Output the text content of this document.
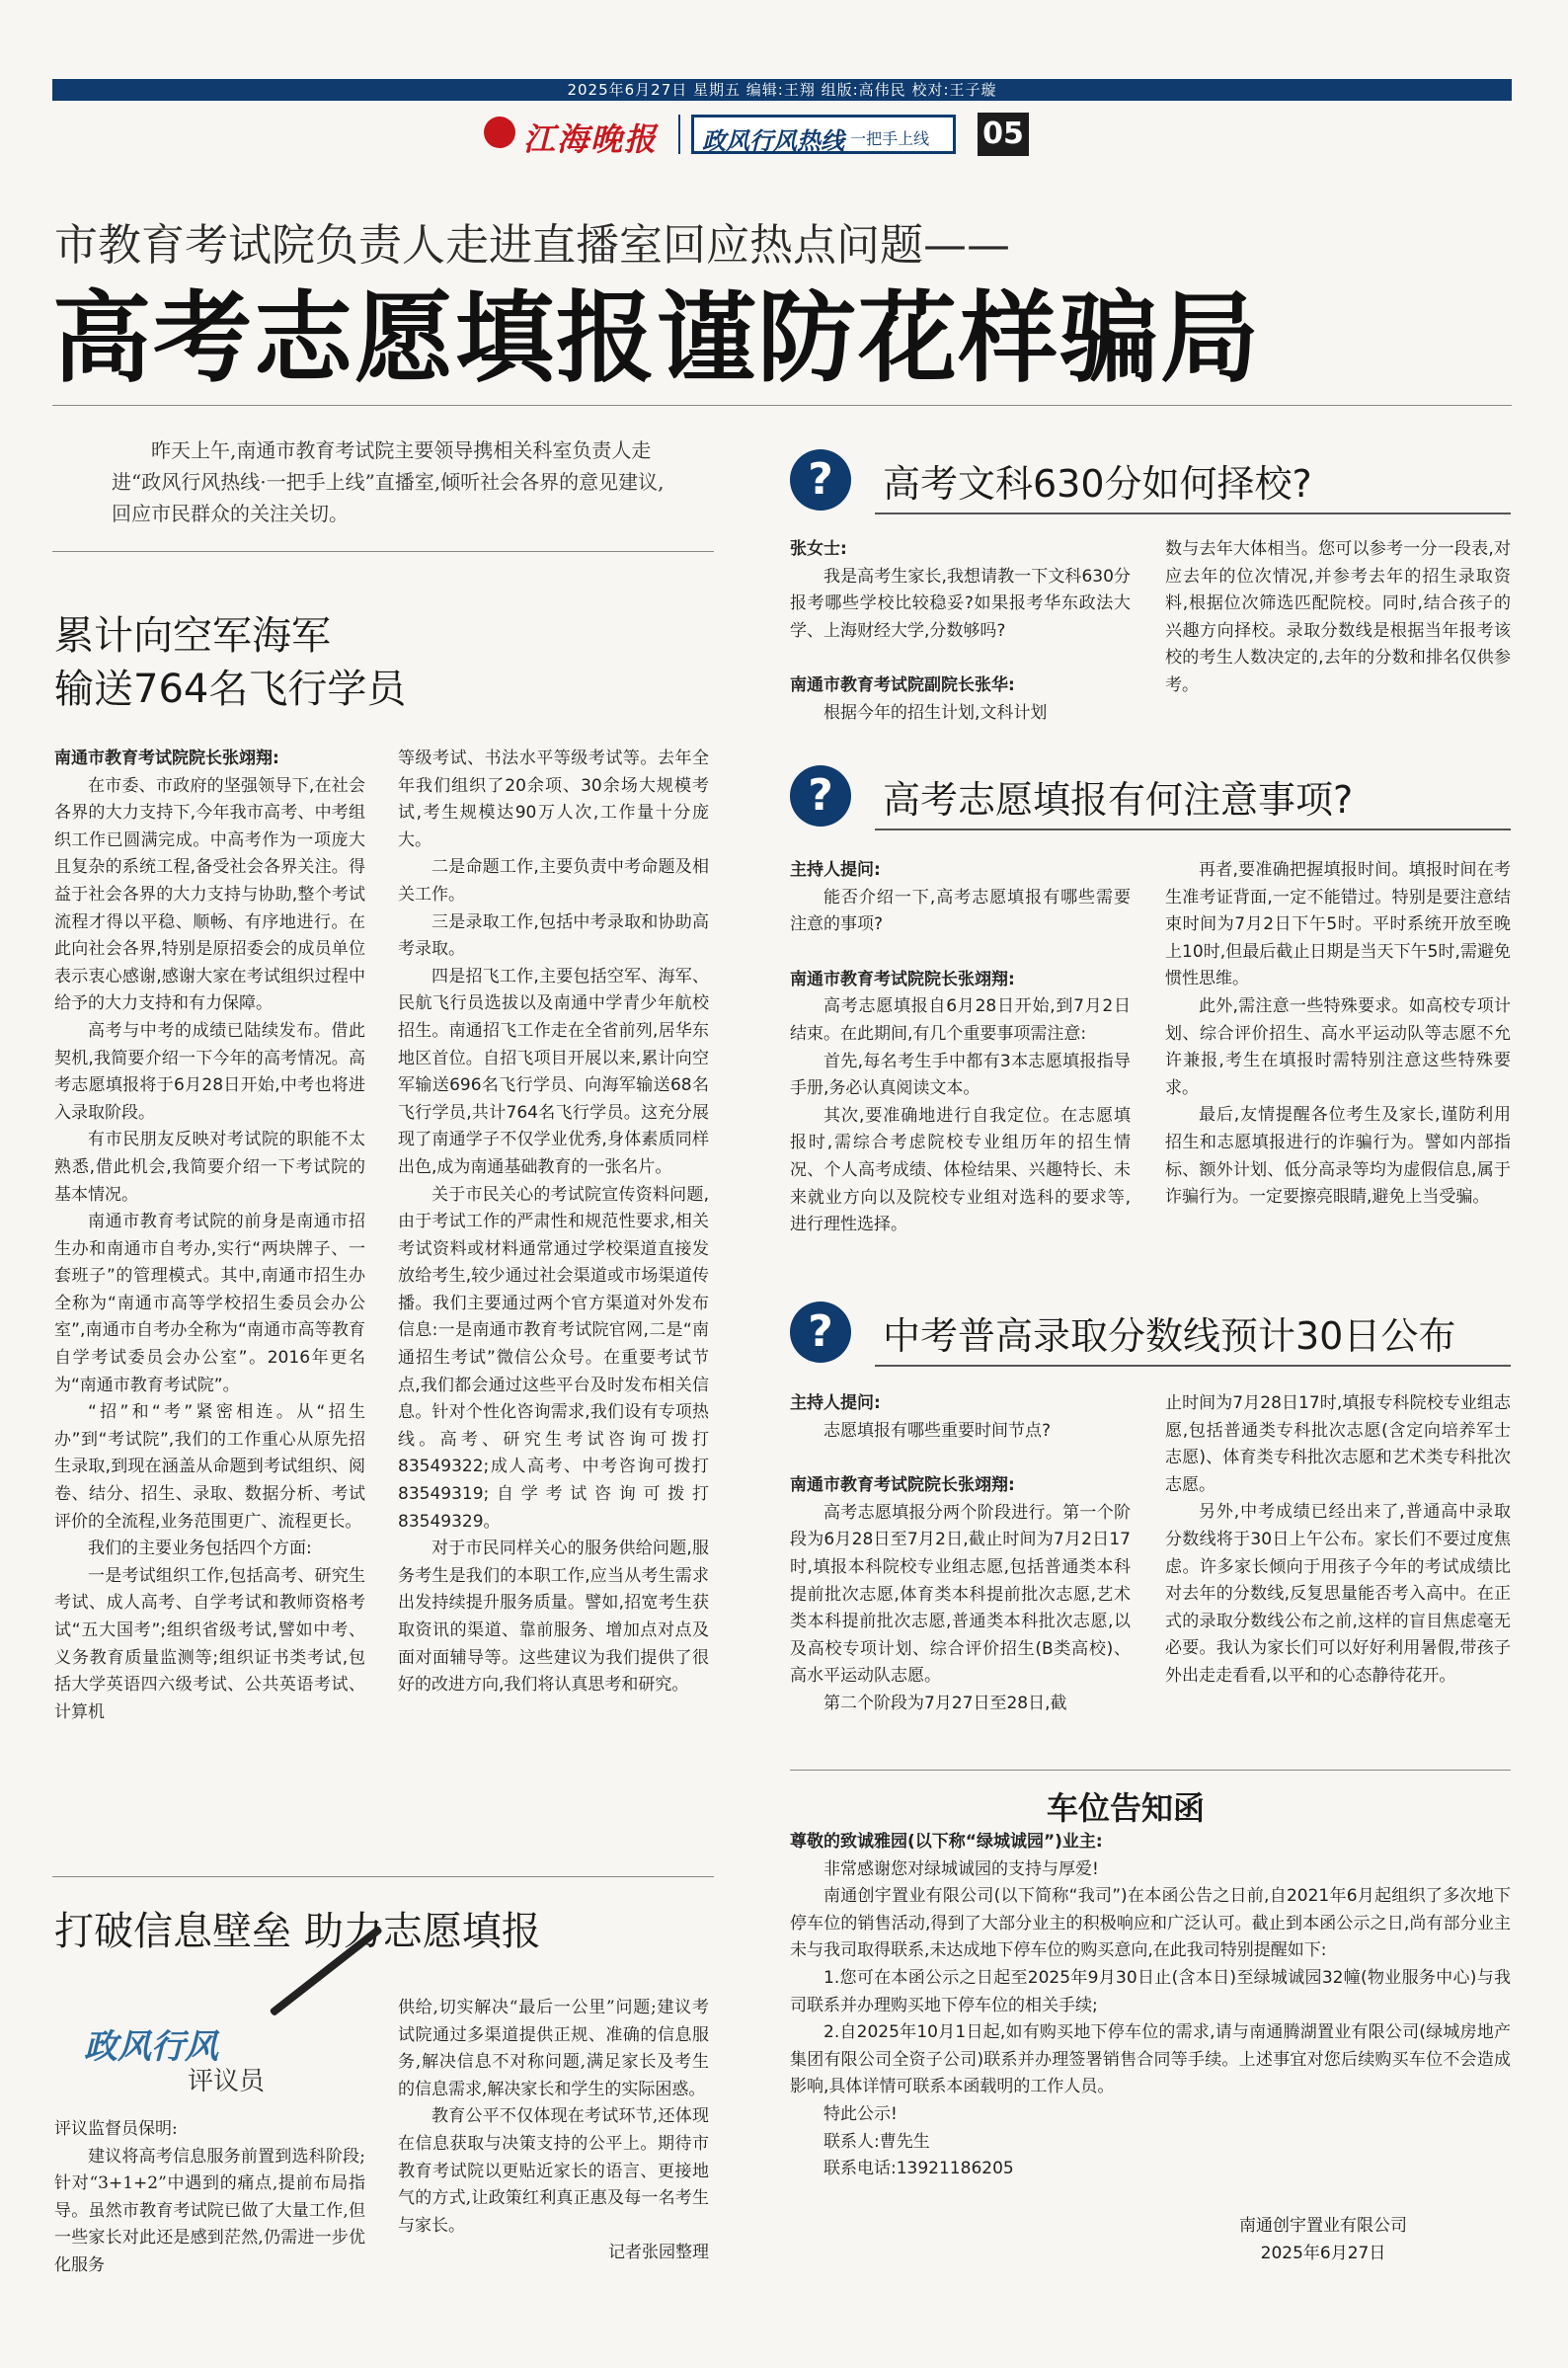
2025年6月27日 星期五 编辑:王翔 组版:高伟民 校对:王子璇
江海晚报 政风行风热线
· 一把手上线 05
市教育考试院负责人走进直播室回应热点问题——
高考志愿填报谨防花样骗局
昨天上午,南通市教育考试院主要领导携相关科室负责人走进“政风行风热线·一把手上线”直播室,倾听社会各界的意见建议,回应市民群众的关注关切。
累计向空军海军
输送764名飞行学员

南通市教育考试院院长张翊翔:

在市委、市政府的坚强领导下,在社会各界的大力支持下,今年我市高考、中考组织工作已圆满完成。中高考作为一项庞大且复杂的系统工程,备受社会各界关注。得益于社会各界的大力支持与协助,整个考试流程才得以平稳、顺畅、有序地进行。在此向社会各界,特别是原招委会的成员单位表示衷心感谢,感谢大家在考试组织过程中给予的大力支持和有力保障。

高考与中考的成绩已陆续发布。借此契机,我简要介绍一下今年的高考情况。高考志愿填报将于6月28日开始,中考也将进入录取阶段。

有市民朋友反映对考试院的职能不太熟悉,借此机会,我简要介绍一下考试院的基本情况。

南通市教育考试院的前身是南通市招生办和南通市自考办,实行“两块牌子、一套班子”的管理模式。其中,南通市招生办全称为“南通市高等学校招生委员会办公室”,南通市自考办全称为“南通市高等教育自学考试委员会办公室”。2016年更名为“南通市教育考试院”。

“招”和“考”紧密相连。从“招生办”到“考试院”,我们的工作重心从原先招生录取,到现在涵盖从命题到考试组织、阅卷、结分、招生、录取、数据分析、考试评价的全流程,业务范围更广、流程更长。

我们的主要业务包括四个方面:

一是考试组织工作,包括高考、研究生考试、成人高考、自学考试和教师资格考试“五大国考”;组织省级考试,譬如中考、义务教育质量监测等;组织证书类考试,包括大学英语四六级考试、公共英语考试、计算机

等级考试、书法水平等级考试等。去年全年我们组织了20余项、30余场大规模考试,考生规模达90万人次,工作量十分庞大。

二是命题工作,主要负责中考命题及相关工作。

三是录取工作,包括中考录取和协助高考录取。

四是招飞工作,主要包括空军、海军、民航飞行员选拔以及南通中学青少年航校招生。南通招飞工作走在全省前列,居华东地区首位。自招飞项目开展以来,累计向空军输送696名飞行学员、向海军输送68名飞行学员,共计764名飞行学员。这充分展现了南通学子不仅学业优秀,身体素质同样出色,成为南通基础教育的一张名片。

关于市民关心的考试院宣传资料问题,由于考试工作的严肃性和规范性要求,相关考试资料或材料通常通过学校渠道直接发放给考生,较少通过社会渠道或市场渠道传播。我们主要通过两个官方渠道对外发布信息:一是南通市教育考试院官网,二是“南通招生考试”微信公众号。在重要考试节点,我们都会通过这些平台及时发布相关信息。针对个性化咨询需求,我们设有专项热线。高考、研究生考试咨询可拨打83549322;成人高考、中考咨询可拨打83549319;自学考试咨询可拨打83549329。

对于市民同样关心的服务供给问题,服务考生是我们的本职工作,应当从考生需求出发持续提升服务质量。譬如,招宽考生获取资讯的渠道、靠前服务、增加点对点及面对面辅导等。这些建议为我们提供了很好的改进方向,我们将认真思考和研究。

打破信息壁垒 助力志愿填报
政风行风
评议员

评议监督员保明:

建议将高考信息服务前置到选科阶段;针对“3+1+2”中遇到的痛点,提前布局指导。虽然市教育考试院已做了大量工作,但一些家长对此还是感到茫然,仍需进一步优化服务

供给,切实解决“最后一公里”问题;建议考试院通过多渠道提供正规、准确的信息服务,解决信息不对称问题,满足家长及考生的信息需求,解决家长和学生的实际困惑。

教育公平不仅体现在考试环节,还体现在信息获取与决策支持的公平上。期待市教育考试院以更贴近家长的语言、更接地气的方式,让政策红利真正惠及每一名考生与家长。

记者张园整理

?	高考文科630分如何择校?

张女士:

我是高考生家长,我想请教一下文科630分报考哪些学校比较稳妥?如果报考华东政法大学、上海财经大学,分数够吗?

南通市教育考试院副院长张华:

根据今年的招生计划,文科计划

数与去年大体相当。您可以参考一分一段表,对应去年的位次情况,并参考去年的招生录取资料,根据位次筛选匹配院校。同时,结合孩子的兴趣方向择校。录取分数线是根据当年报考该校的考生人数决定的,去年的分数和排名仅供参考。

?	高考志愿填报有何注意事项?

主持人提问:

能否介绍一下,高考志愿填报有哪些需要注意的事项?

南通市教育考试院院长张翊翔:

高考志愿填报自6月28日开始,到7月2日结束。在此期间,有几个重要事项需注意:

首先,每名考生手中都有3本志愿填报指导手册,务必认真阅读文本。

其次,要准确地进行自我定位。在志愿填报时,需综合考虑院校专业组历年的招生情况、个人高考成绩、体检结果、兴趣特长、未来就业方向以及院校专业组对选科的要求等,进行理性选择。

再者,要准确把握填报时间。填报时间在考生准考证背面,一定不能错过。特别是要注意结束时间为7月2日下午5时。平时系统开放至晚上10时,但最后截止日期是当天下午5时,需避免惯性思维。

此外,需注意一些特殊要求。如高校专项计划、综合评价招生、高水平运动队等志愿不允许兼报,考生在填报时需特别注意这些特殊要求。

最后,友情提醒各位考生及家长,谨防利用招生和志愿填报进行的诈骗行为。譬如内部指标、额外计划、低分高录等均为虚假信息,属于诈骗行为。一定要擦亮眼睛,避免上当受骗。

?	中考普高录取分数线预计30日公布

主持人提问:

志愿填报有哪些重要时间节点?

南通市教育考试院院长张翊翔:

高考志愿填报分两个阶段进行。第一个阶段为6月28日至7月2日,截止时间为7月2日17时,填报本科院校专业组志愿,包括普通类本科提前批次志愿,体育类本科提前批次志愿,艺术类本科提前批次志愿,普通类本科批次志愿,以及高校专项计划、综合评价招生(B类高校)、高水平运动队志愿。

第二个阶段为7月27日至28日,截

止时间为7月28日17时,填报专科院校专业组志愿,包括普通类专科批次志愿(含定向培养军士志愿)、体育类专科批次志愿和艺术类专科批次志愿。

另外,中考成绩已经出来了,普通高中录取分数线将于30日上午公布。家长们不要过度焦虑。许多家长倾向于用孩子今年的考试成绩比对去年的分数线,反复思量能否考入高中。在正式的录取分数线公布之前,这样的盲目焦虑毫无必要。我认为家长们可以好好利用暑假,带孩子外出走走看看,以平和的心态静待花开。

车位告知函

尊敬的致诚雅园(以下称“绿城诚园”)业主:

非常感谢您对绿城诚园的支持与厚爱!

南通创宇置业有限公司(以下简称“我司”)在本函公告之日前,自2021年6月起组织了多次地下停车位的销售活动,得到了大部分业主的积极响应和广泛认可。截止到本函公示之日,尚有部分业主未与我司取得联系,未达成地下停车位的购买意向,在此我司特别提醒如下:

1.您可在本函公示之日起至2025年9月30日止(含本日)至绿城诚园32幢(物业服务中心)与我司联系并办理购买地下停车位的相关手续;

2.自2025年10月1日起,如有购买地下停车位的需求,请与南通腾湖置业有限公司(绿城房地产集团有限公司全资子公司)联系并办理签署销售合同等手续。上述事宜对您后续购买车位不会造成影响,具体详情可联系本函载明的工作人员。

特此公示!

联系人:曹先生

联系电话:13921186205

南通创宇置业有限公司
2025年6月27日
